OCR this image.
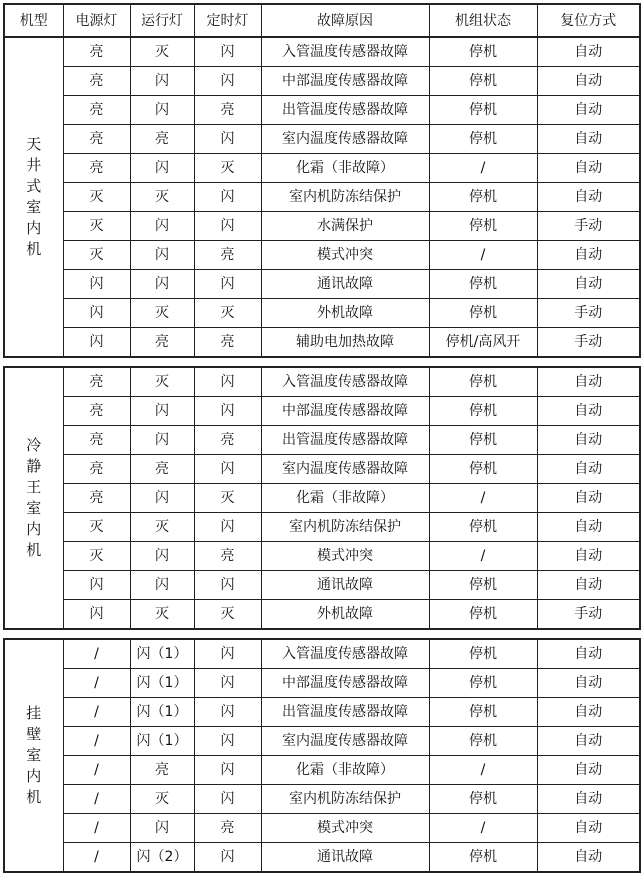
机型	电源灯	运行灯	定时灯	故障原因	机组状态	复位方式
天井式室内机	亮	灭	闪	入管温度传感器故障	停机	自动
	亮	闪	闪	中部温度传感器故障	停机	自动
	亮	闪	亮	出管温度传感器故障	停机	自动
	亮	亮	闪	室内温度传感器故障	停机	自动
	亮	闪	灭	化霜（非故障）	/	自动
	灭	灭	闪	室内机防冻结保护	停机	自动
	灭	闪	闪	水满保护	停机	手动
	灭	闪	亮	模式冲突	/	自动
	闪	闪	闪	通讯故障	停机	自动
	闪	灭	灭	外机故障	停机	手动
	闪	亮	亮	辅助电加热故障	停机/高风开	手动
冷静王室内机	亮	灭	闪	入管温度传感器故障	停机	自动
	亮	闪	闪	中部温度传感器故障	停机	自动
	亮	闪	亮	出管温度传感器故障	停机	自动
	亮	亮	闪	室内温度传感器故障	停机	自动
	亮	闪	灭	化霜（非故障）	/	自动
	灭	灭	闪	室内机防冻结保护	停机	自动
	灭	闪	亮	模式冲突	/	自动
	闪	闪	闪	通讯故障	停机	自动
	闪	灭	灭	外机故障	停机	手动
挂壁室内机	/	闪（1）	闪	入管温度传感器故障	停机	自动
	/	闪（1）	闪	中部温度传感器故障	停机	自动
	/	闪（1）	闪	出管温度传感器故障	停机	自动
	/	闪（1）	闪	室内温度传感器故障	停机	自动
	/	亮	闪	化霜（非故障）	/	自动
	/	灭	闪	室内机防冻结保护	停机	自动
	/	闪	亮	模式冲突	/	自动
	/	闪（2）	闪	通讯故障	停机	自动
